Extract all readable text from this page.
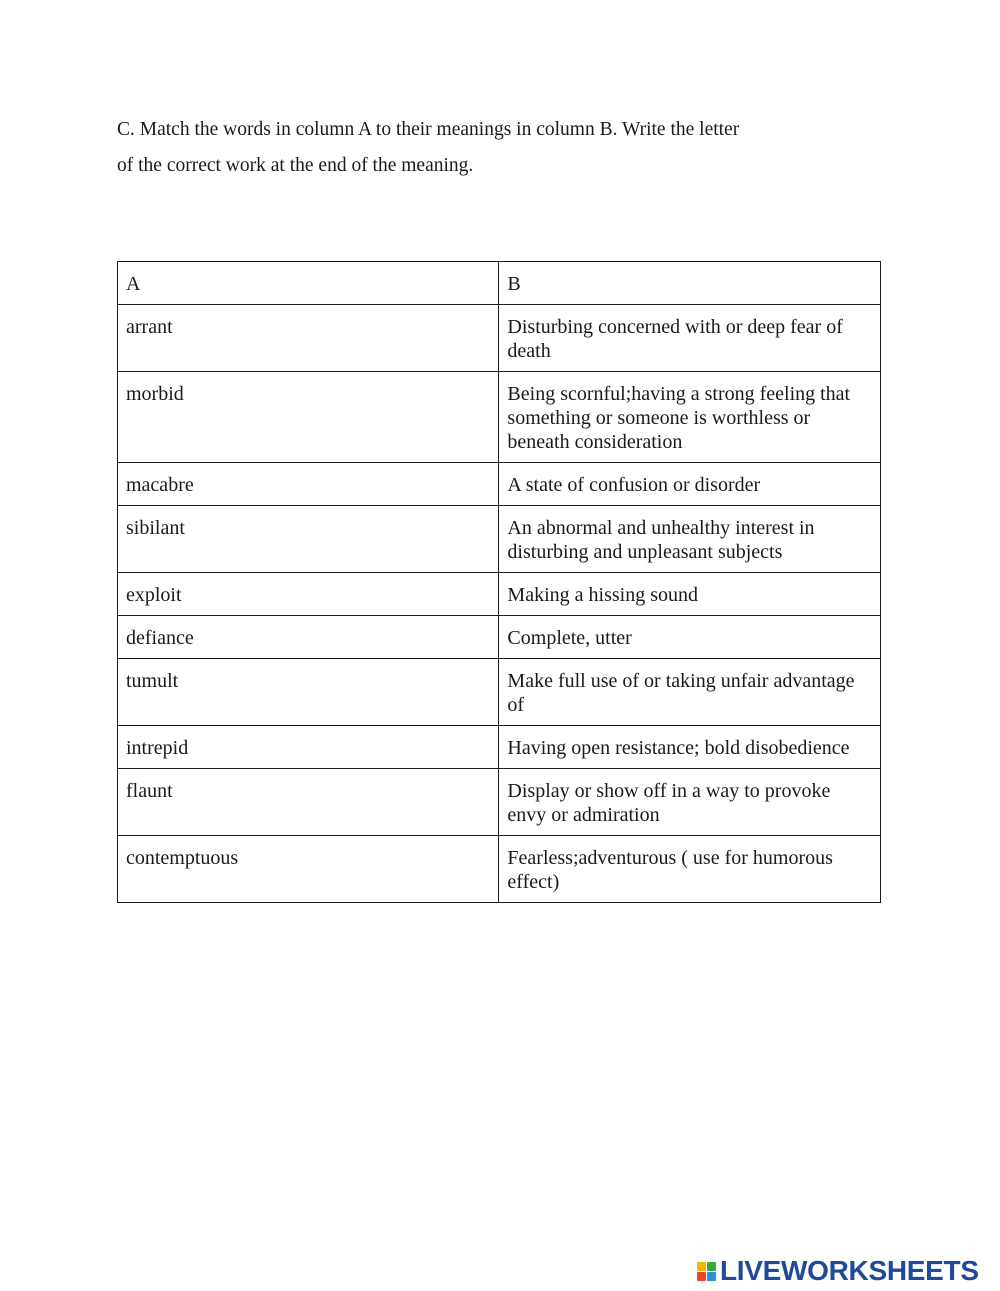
C. Match the words in column A to their meanings in column B. Write the letter
of the correct work at the end of the meaning.
A	B
arrant	Disturbing concerned with or deep fear of death
morbid	Being scornful;having a strong feeling that something or someone is worthless or beneath consideration
macabre	A state of confusion or disorder
sibilant	An abnormal and unhealthy interest in disturbing and unpleasant subjects
exploit	Making a hissing sound
defiance	Complete, utter
tumult	Make full use of or taking unfair advantage of
intrepid	Having open resistance; bold disobedience
flaunt	Display or show off in a way to provoke envy or admiration
contemptuous	Fearless;adventurous ( use for humorous effect)
LIVEWORKSHEETS
